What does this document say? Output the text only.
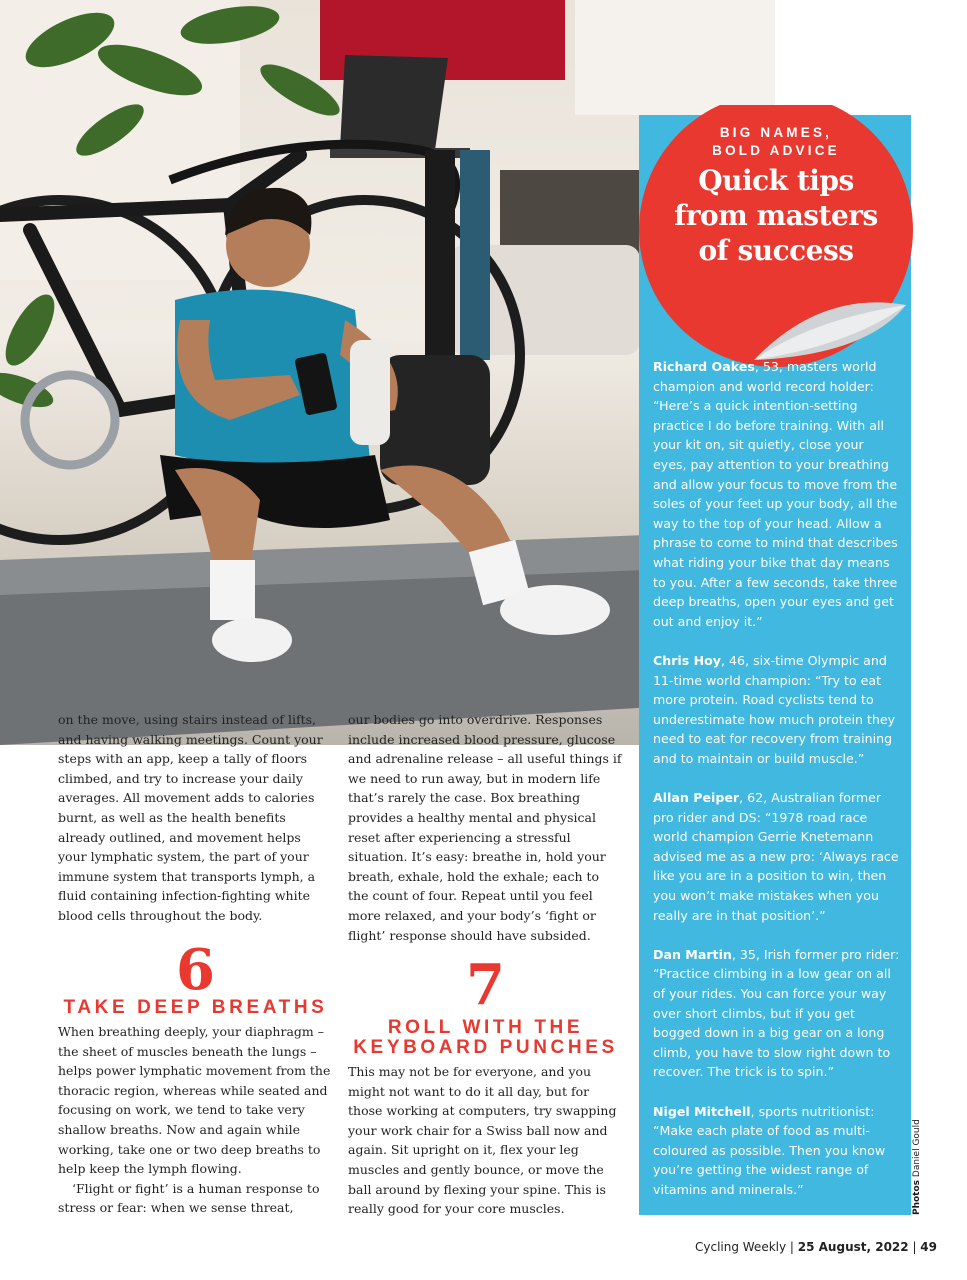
BIG NAMES,
BOLD ADVICE
Quick tips
from masters
of success

Richard Oakes, 53, masters world champion and world record holder: “Here’s a quick intention-setting practice I do before training. With all your kit on, sit quietly, close your eyes, pay attention to your breathing and allow your focus to move from the soles of your feet up your body, all the way to the top of your head. Allow a phrase to come to mind that describes what riding your bike that day means to you. After a few seconds, take three deep breaths, open your eyes and get out and enjoy it.”

Chris Hoy, 46, six-time Olympic and 11-time world champion: “Try to eat more protein. Road cyclists tend to underestimate how much protein they need to eat for recovery from training and to maintain or build muscle.”

Allan Peiper, 62, Australian former pro rider and DS: “1978 road race world champion Gerrie Knetemann advised me as a new pro: ‘Always race like you are in a position to win, then you won’t make mistakes when you really are in that position’.”

Dan Martin, 35, Irish former pro rider: “Practice climbing in a low gear on all of your rides. You can force your way over short climbs, but if you get bogged down in a big gear on a long climb, you have to slow right down to recover. The trick is to spin.”

Nigel Mitchell, sports nutritionist: “Make each plate of food as multi-coloured as possible. Then you know you’re getting the widest range of vitamins and minerals.”	Photos Daniel Gould

on the move, using stairs instead of lifts, and having walking meetings. Count your steps with an app, keep a tally of floors climbed, and try to increase your daily averages. All movement adds to calories burnt, as well as the health benefits already outlined, and movement helps your lymphatic system, the part of your immune system that transports lymph, a fluid containing infection-fighting white blood cells throughout the body.

6
TAKE DEEP BREATHS

When breathing deeply, your diaphragm – the sheet of muscles beneath the lungs – helps power lymphatic movement from the thoracic region, whereas while seated and focusing on work, we tend to take very shallow breaths. Now and again while working, take one or two deep breaths to help keep the lymph flowing.

‘Flight or fight’ is a human response to stress or fear: when we sense threat,

our bodies go into overdrive. Responses include increased blood pressure, glucose and adrenaline release – all useful things if we need to run away, but in modern life that’s rarely the case. Box breathing provides a healthy mental and physical reset after experiencing a stressful situation. It’s easy: breathe in, hold your breath, exhale, hold the exhale; each to the count of four. Repeat until you feel more relaxed, and your body’s ‘fight or flight’ response should have subsided.

7
ROLL WITH THE
KEYBOARD PUNCHES

This may not be for everyone, and you might not want to do it all day, but for those working at computers, try swapping your work chair for a Swiss ball now and again. Sit upright on it, flex your leg muscles and gently bounce, or move the ball around by flexing your spine. This is really good for your core muscles.

Cycling Weekly | 25 August, 2022 | 49
